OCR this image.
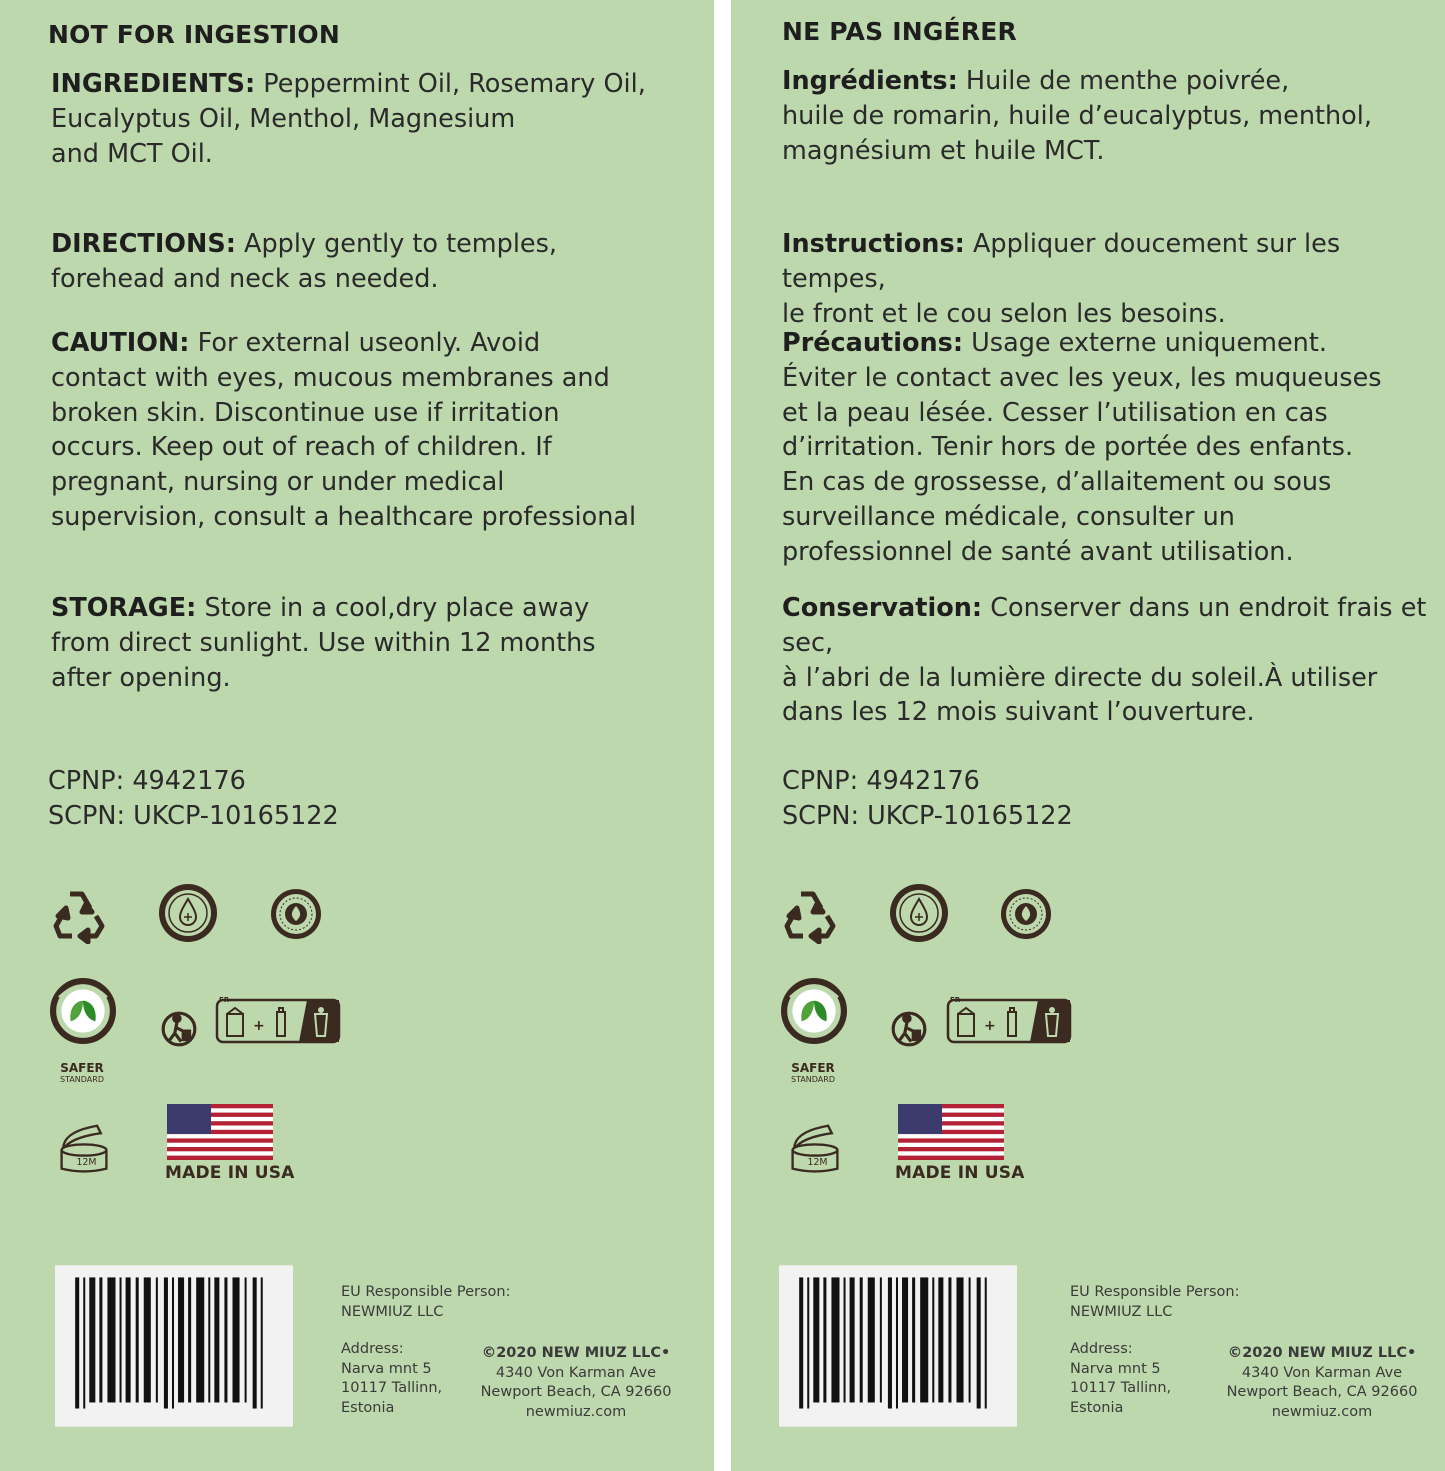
NOT FOR INGESTION
INGREDIENTS: Peppermint Oil, Rosemary Oil,
Eucalyptus Oil, Menthol, Magnesium
and MCT Oil.
DIRECTIONS: Apply gently to temples,
forehead and neck as needed.
CAUTION: For external useonly. Avoid
contact with eyes, mucous membranes and
broken skin. Discontinue use if irritation
occurs. Keep out of reach of children. If
pregnant, nursing or under medical
supervision, consult a healthcare professional
STORAGE: Store in a cool,dry place away
from direct sunlight. Use within 12 months
after opening.
CPNP: 4942176
SCPN: UKCP-10165122
SAFER
STANDARD
MADE IN USA
EU Responsible Person:
NEWMIUZ LLC
Address:
Narva mnt 5
10117 Tallinn,
Estonia
©2020 NEW MIUZ LLC•
4340 Von Karman Ave
Newport Beach, CA 92660
newmiuz.com
NE PAS INGÉRER
Ingrédients: Huile de menthe poivrée,
huile de romarin, huile d’eucalyptus, menthol,
magnésium et huile MCT.
Instructions: Appliquer doucement sur les tempes,
le front et le cou selon les besoins.
Précautions: Usage externe uniquement.
Éviter le contact avec les yeux, les muqueuses
et la peau lésée. Cesser l’utilisation en cas
d’irritation. Tenir hors de portée des enfants.
En cas de grossesse, d’allaitement ou sous
surveillance médicale, consulter un
professionnel de santé avant utilisation.
Conservation: Conserver dans un endroit frais et sec,
à l’abri de la lumière directe du soleil.À utiliser
dans les 12 mois suivant l’ouverture.
CPNP: 4942176
SCPN: UKCP-10165122
SAFER
STANDARD
MADE IN USA
EU Responsible Person:
NEWMIUZ LLC
Address:
Narva mnt 5
10117 Tallinn,
Estonia
©2020 NEW MIUZ LLC•
4340 Von Karman Ave
Newport Beach, CA 92660
newmiuz.com
